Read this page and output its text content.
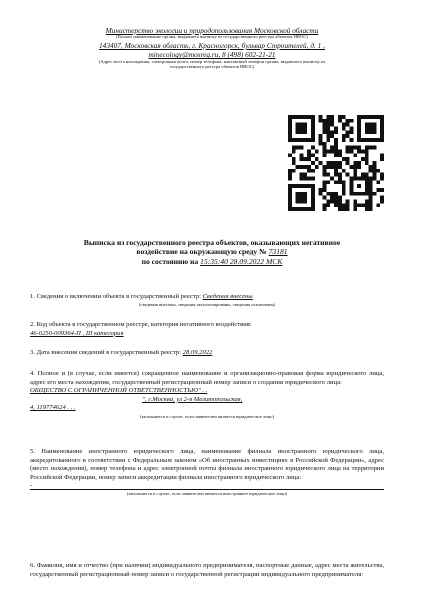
Министерство экологии и природопользования Московской области
(Полное наименование органа, выдавшего выписку из государственного реестра объектов НВОС)
143407, Московская область, г. Красногорск, бульвар Строителей, д. 1 ,
minecology@mosreg.ru, 8 (498) 602-21-21
(Адрес места нахождения, электронная почта, номер телефона, контактный телефон органа, выдавшего выписку из
государственного реестра объектов НВОС)
Выписка из государственного реестра объектов, оказывающих негативное
воздействие на окружающую среду № 73181
по состоянию на 15:35:40 28.09.2022 МСК
1. Сведения о включении объекта в государственный реестр: Сведения внесены
(сведения внесены, сведения актуализированы, сведения исключены)
2. Код объекта в государственном реестре, категория негативного воздействия:
46-0250-009364-П , III категория
3. Дата внесения сведений в государственный реестр: 28.09.2022
4. Полное и (в случае, если имеется) сокращенное наименование и организационно-правовая форма юридического лица, адрес его места нахождения, государственный регистрационный номер записи о создании юридического лица:
ОБЩЕСТВО С ОГРАНИЧЕННОЙ ОТВЕТСТВЕННОСТЬЮ" . .
", г.Москва, ул 2-я Мелитопольская,
4, 119774624 . . .
(заполняется в случае, если заявителем является юридическое лицо)
5. Наименование иностранного юридического лица, наименование филиала иностранного юридического лица, аккредитованного в соответствии с Федеральным законом «Об иностранных инвестициях в Российской Федерации», адрес (место нахождения), номер телефона и адрес электронной почты филиала иностранного юридического лица на территории Российской Федерации, номер записи аккредитации филиала иностранного юридического лица:
-
(заполняется в случае, если заявителем является иностранное юридическое лицо)
6. Фамилия, имя и отчество (при наличии) индивидуального предпринимателя, паспортные данные, адрес места жительства, государственный регистрационный номер записи о государственной регистрации индивидуального предпринимателя:
